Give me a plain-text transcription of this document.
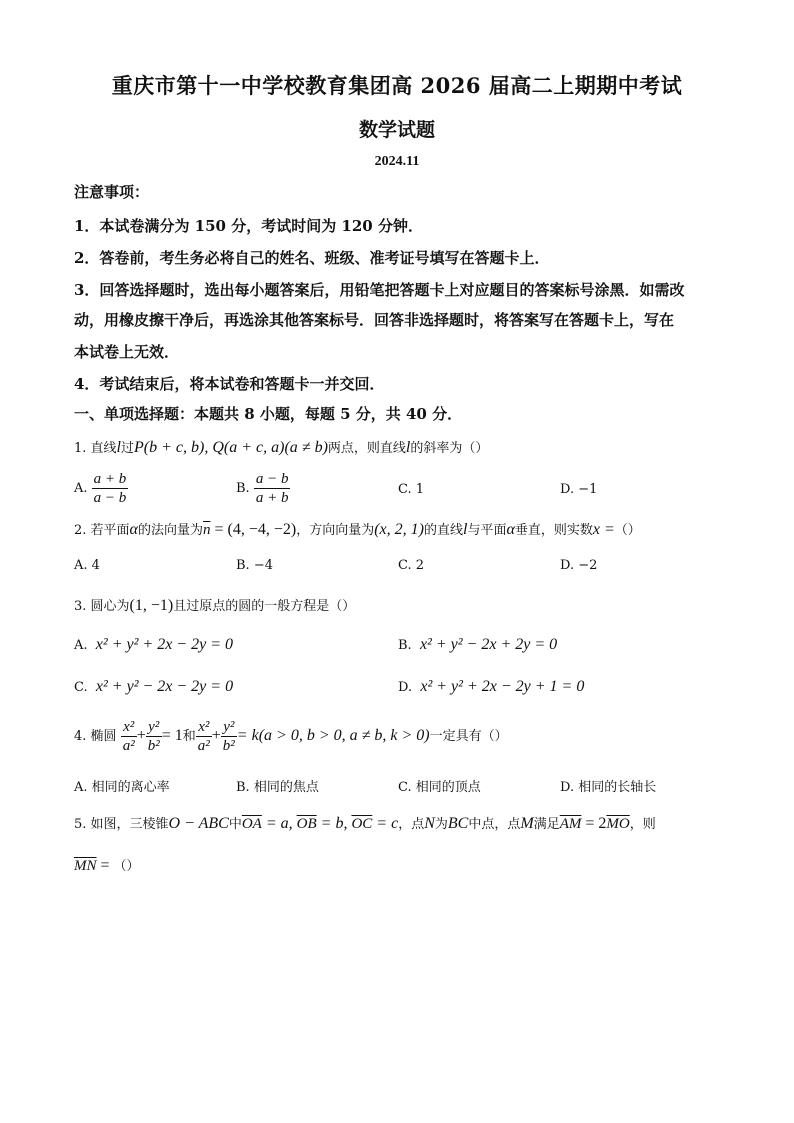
重庆市第十一中学校教育集团高 2026 届高二上期期中考试
数学试题
2024.11
注意事项：
1．本试卷满分为 150 分，考试时间为 120 分钟．
2．答卷前，考生务必将自己的姓名、班级、准考证号填写在答题卡上．
3．回答选择题时，选出每小题答案后，用铅笔把答题卡上对应题目的答案标号涂黑．如需改
动，用橡皮擦干净后，再选涂其他答案标号．回答非选择题时，将答案写在答题卡上，写在
本试卷上无效．
4．考试结束后，将本试卷和答题卡一并交回．
一、单项选择题：本题共 8 小题，每题 5 分，共 40 分．
1. 直线l过P(b + c, b), Q(a + c, a)(a ≠ b)两点，则直线l的斜率为（）
A. $\frac{a + b}{a - b}$	B. $\frac{a - b}{a + b}$	C. 1	D. −1
2. 若平面α的法向量为$\overline{n} = (4$, −4, −2)，方向向量为(x, 2, 1)的直线l与平面α垂直，则实数x =（）
A. 4	B. −4	C. 2	D. −2
3. 圆心为(1, −1)且过原点的圆的一般方程是（）
A. x² + y² + 2x − 2y = 0	B. x² + y² − 2x + 2y = 0
C. x² + y² − 2x − 2y = 0	D. x² + y² + 2x − 2y + 1 = 0
4. 椭圆 $\frac{\text{x²}}{\text{a²}} + \frac{\text{y²}}{\text{b²}} = 1$和 $\frac{\text{x²}}{\text{a²}} + \frac{\text{y²}}{\text{b²}} = k(a > 0$, b > 0, a ≠ b, k > 0)一定具有（）
A. 相同的离心率	B. 相同的焦点	C. 相同的顶点	D. 相同的长轴长
5. 如图，三棱锥O − ABC中$\overline{OA} = a$, $\overline{OB} = b$, $\overline{OC} = c$，点N为BC中点，点M满足$\overline{AM} = 2\overline{MO}$，则
$\overline{MN}$ = （）
